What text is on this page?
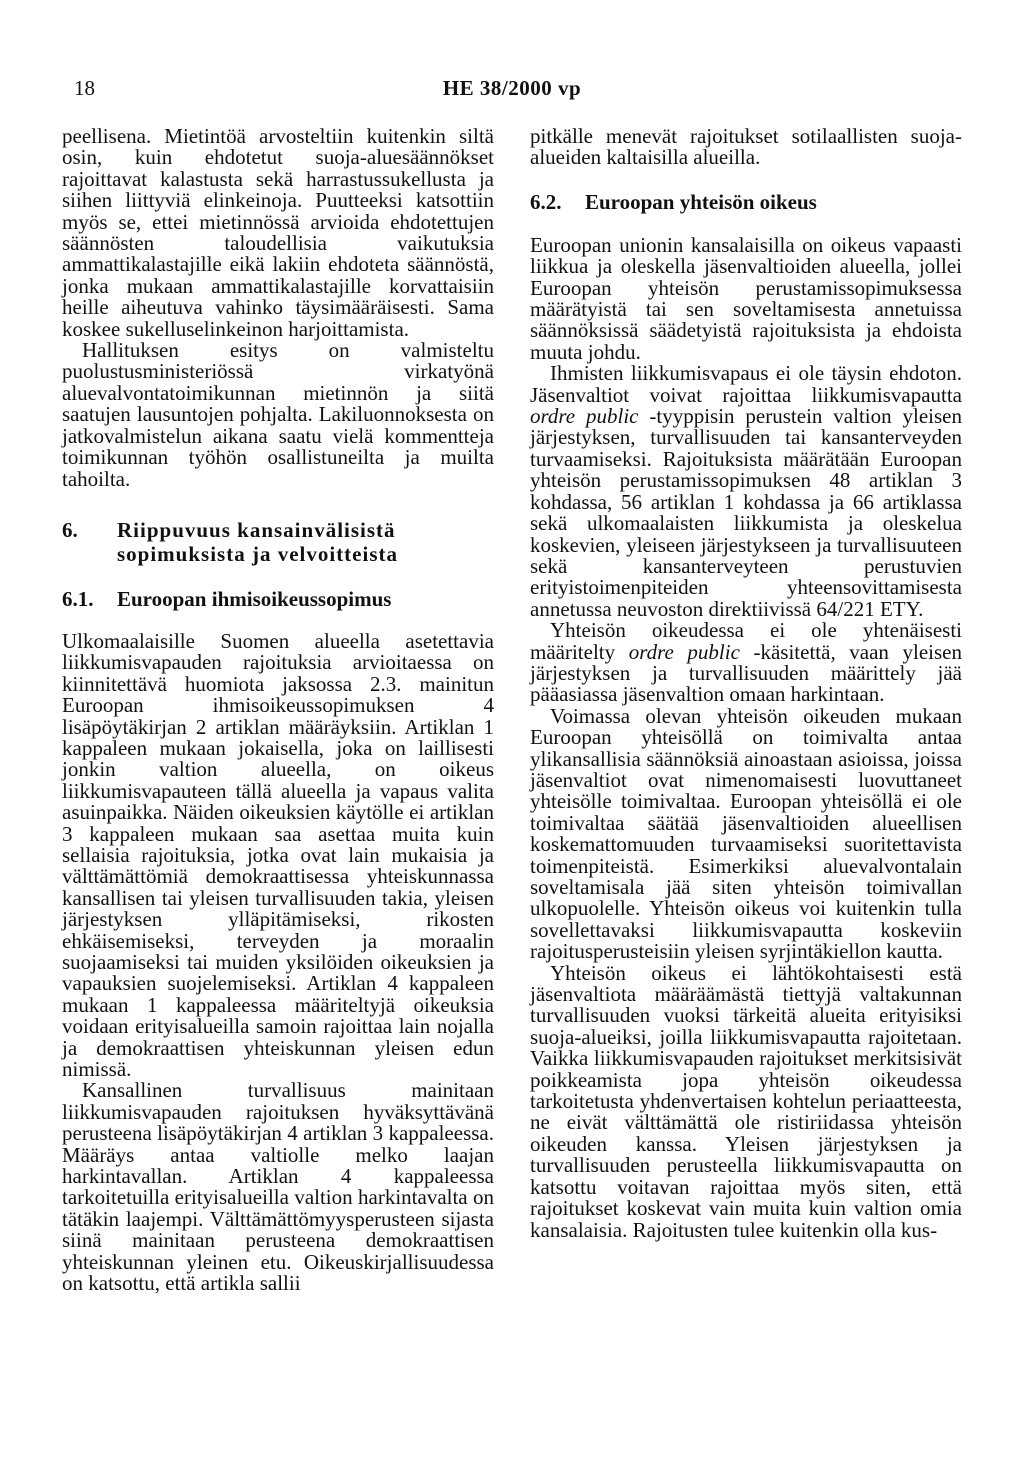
18	HE 38/2000 vp

peellisena. Mietintöä arvosteltiin kuitenkin siltä osin, kuin ehdotetut suoja-aluesäännökset rajoittavat kalastusta sekä harrastussukellusta ja siihen liittyviä elinkeinoja. Puutteeksi katsottiin myös se, ettei mietinnössä arvioida ehdotettujen säännösten taloudellisia vaikutuksia ammattikalastajille eikä lakiin ehdoteta säännöstä, jonka mukaan ammattikalastajille korvattaisiin heille aiheutuva vahinko täysimääräisesti. Sama koskee sukelluselinkeinon harjoittamista.

Hallituksen esitys on valmisteltu puolustusministeriössä virkatyönä aluevalvontatoimikunnan mietinnön ja siitä saatujen lausuntojen pohjalta. Lakiluonnoksesta on jatkovalmistelun aikana saatu vielä kommentteja toimikunnan työhön osallistuneilta ja muilta tahoilta.

6.	Riippuvuus kansainvälisistä
sopimuksista ja velvoitteista
6.1.	Euroopan ihmisoikeussopimus

Ulkomaalaisille Suomen alueella asetettavia liikkumisvapauden rajoituksia arvioitaessa on kiinnitettävä huomiota jaksossa 2.3. mainitun Euroopan ihmisoikeussopimuksen 4 lisäpöytäkirjan 2 artiklan määräyksiin. Artiklan 1 kappaleen mukaan jokaisella, joka on laillisesti jonkin valtion alueella, on oikeus liikkumisvapauteen tällä alueella ja vapaus valita asuinpaikka. Näiden oikeuksien käytölle ei artiklan 3 kappaleen mukaan saa asettaa muita kuin sellaisia rajoituksia, jotka ovat lain mukaisia ja välttämättömiä demokraattisessa yhteiskunnassa kansallisen tai yleisen turvallisuuden takia, yleisen järjestyksen ylläpitämiseksi, rikosten ehkäisemiseksi, terveyden ja moraalin suojaamiseksi tai muiden yksilöiden oikeuksien ja vapauksien suojelemiseksi. Artiklan 4 kappaleen mukaan 1 kappaleessa määriteltyjä oikeuksia voidaan erityisalueilla samoin rajoittaa lain nojalla ja demokraattisen yhteiskunnan yleisen edun nimissä.

Kansallinen turvallisuus mainitaan liikkumisvapauden rajoituksen hyväksyttävänä perusteena lisäpöytäkirjan 4 artiklan 3 kappaleessa. Määräys antaa valtiolle melko laajan harkintavallan. Artiklan 4 kappaleessa tarkoitetuilla erityisalueilla valtion harkintavalta on tätäkin laajempi. Välttämättömyysperusteen sijasta siinä mainitaan perusteena demokraattisen yhteiskunnan yleinen etu. Oikeuskirjallisuudessa on katsottu, että artikla sallii

pitkälle menevät rajoitukset sotilaallisten suoja-alueiden kaltaisilla alueilla.

6.2.	Euroopan yhteisön oikeus

Euroopan unionin kansalaisilla on oikeus vapaasti liikkua ja oleskella jäsenvaltioiden alueella, jollei Euroopan yhteisön perustamissopimuksessa määrätyistä tai sen soveltamisesta annetuissa säännöksissä säädetyistä rajoituksista ja ehdoista muuta johdu.

Ihmisten liikkumisvapaus ei ole täysin ehdoton. Jäsenvaltiot voivat rajoittaa liikkumisvapautta ordre public -tyyppisin perustein valtion yleisen järjestyksen, turvallisuuden tai kansanterveyden turvaamiseksi. Rajoituksista määrätään Euroopan yhteisön perustamissopimuksen 48 artiklan 3 kohdassa, 56 artiklan 1 kohdassa ja 66 artiklassa sekä ulkomaalaisten liikkumista ja oleskelua koskevien, yleiseen järjestykseen ja turvallisuuteen sekä kansanterveyteen perustuvien erityistoimenpiteiden yhteensovittamisesta annetussa neuvoston direktiivissä 64/221 ETY.

Yhteisön oikeudessa ei ole yhtenäisesti määritelty ordre public -käsitettä, vaan yleisen järjestyksen ja turvallisuuden määrittely jää pääasiassa jäsenvaltion omaan harkintaan.

Voimassa olevan yhteisön oikeuden mukaan Euroopan yhteisöllä on toimivalta antaa ylikansallisia säännöksiä ainoastaan asioissa, joissa jäsenvaltiot ovat nimenomaisesti luovuttaneet yhteisölle toimivaltaa. Euroopan yhteisöllä ei ole toimivaltaa säätää jäsenvaltioiden alueellisen koskemattomuuden turvaamiseksi suoritettavista toimenpiteistä. Esimerkiksi aluevalvontalain soveltamisala jää siten yhteisön toimivallan ulkopuolelle. Yhteisön oikeus voi kuitenkin tulla sovellettavaksi liikkumisvapautta koskeviin rajoitusperusteisiin yleisen syrjintäkiellon kautta.

Yhteisön oikeus ei lähtökohtaisesti estä jäsenvaltiota määräämästä tiettyjä valtakunnan turvallisuuden vuoksi tärkeitä alueita erityisiksi suoja-alueiksi, joilla liikkumisvapautta rajoitetaan. Vaikka liikkumisvapauden rajoitukset merkitsisivät poikkeamista jopa yhteisön oikeudessa tarkoitetusta yhdenvertaisen kohtelun periaatteesta, ne eivät välttämättä ole ristiriidassa yhteisön oikeuden kanssa. Yleisen järjestyksen ja turvallisuuden perusteella liikkumisvapautta on katsottu voitavan rajoittaa myös siten, että rajoitukset koskevat vain muita kuin valtion omia kansalaisia. Rajoitusten tulee kuitenkin olla kus-
